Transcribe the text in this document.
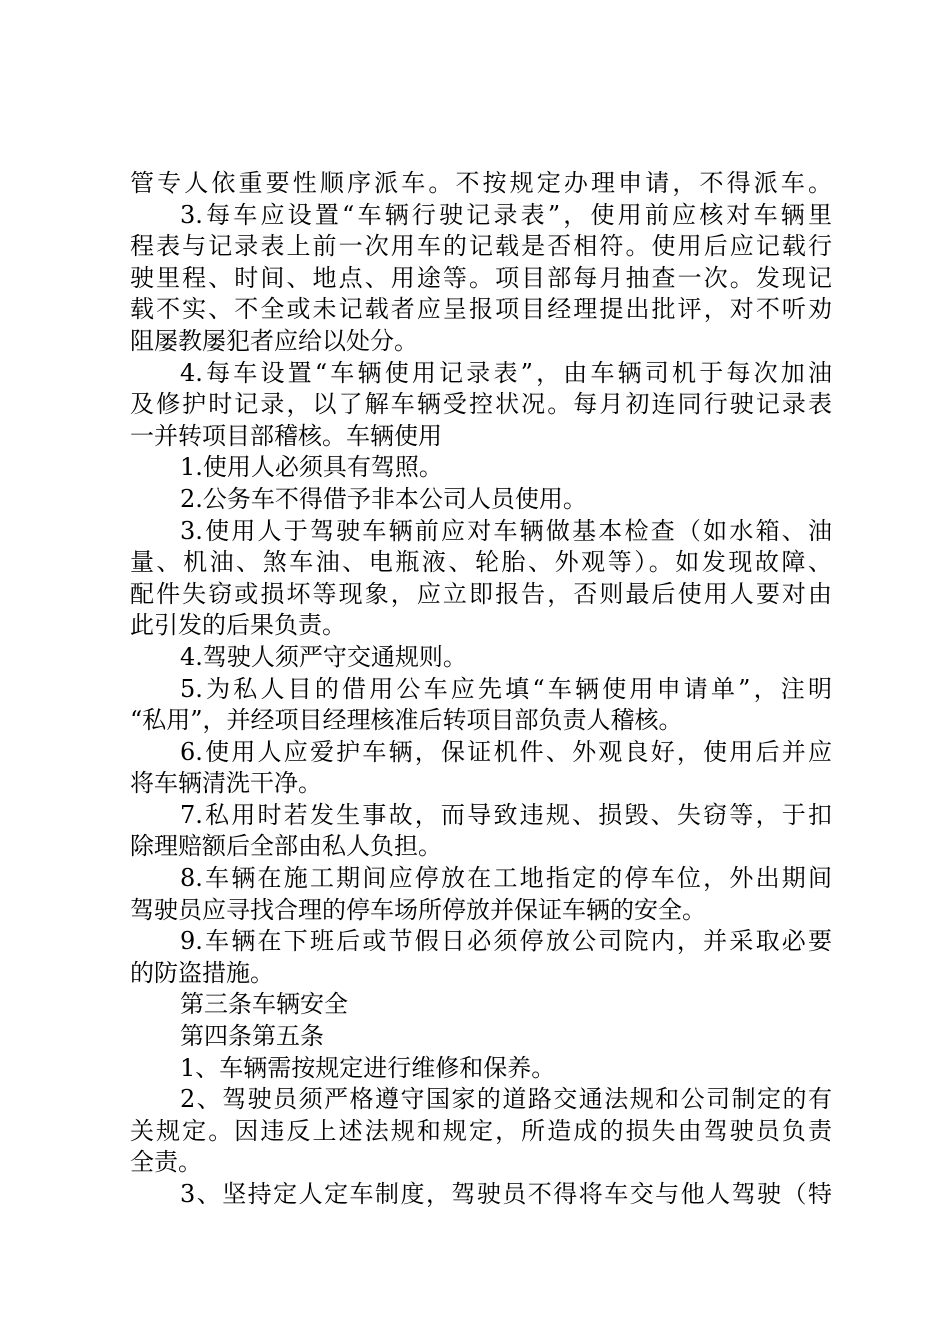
管专人依重要性顺序派车。不按规定办理申请，不得派车。
3.每车应设置“车辆行驶记录表”，使用前应核对车辆里
程表与记录表上前一次用车的记载是否相符。使用后应记载行
驶里程、时间、地点、用途等。项目部每月抽查一次。发现记
载不实、不全或未记载者应呈报项目经理提出批评，对不听劝
阻屡教屡犯者应给以处分。
4.每车设置“车辆使用记录表”，由车辆司机于每次加油
及修护时记录，以了解车辆受控状况。每月初连同行驶记录表
一并转项目部稽核。车辆使用
1.使用人必须具有驾照。
2.公务车不得借予非本公司人员使用。
3.使用人于驾驶车辆前应对车辆做基本检查（如水箱、油
量、机油、煞车油、电瓶液、轮胎、外观等）。如发现故障、
配件失窃或损坏等现象，应立即报告，否则最后使用人要对由
此引发的后果负责。
4.驾驶人须严守交通规则。
5.为私人目的借用公车应先填“车辆使用申请单”，注明
“私用”，并经项目经理核准后转项目部负责人稽核。
6.使用人应爱护车辆，保证机件、外观良好，使用后并应
将车辆清洗干净。
7.私用时若发生事故，而导致违规、损毁、失窃等，于扣
除理赔额后全部由私人负担。
8.车辆在施工期间应停放在工地指定的停车位，外出期间
驾驶员应寻找合理的停车场所停放并保证车辆的安全。
9.车辆在下班后或节假日必须停放公司院内，并采取必要
的防盗措施。
第三条车辆安全
第四条第五条
1、车辆需按规定进行维修和保养。
2、驾驶员须严格遵守国家的道路交通法规和公司制定的有
关规定。因违反上述法规和规定，所造成的损失由驾驶员负责
全责。
3、坚持定人定车制度，驾驶员不得将车交与他人驾驶（特
